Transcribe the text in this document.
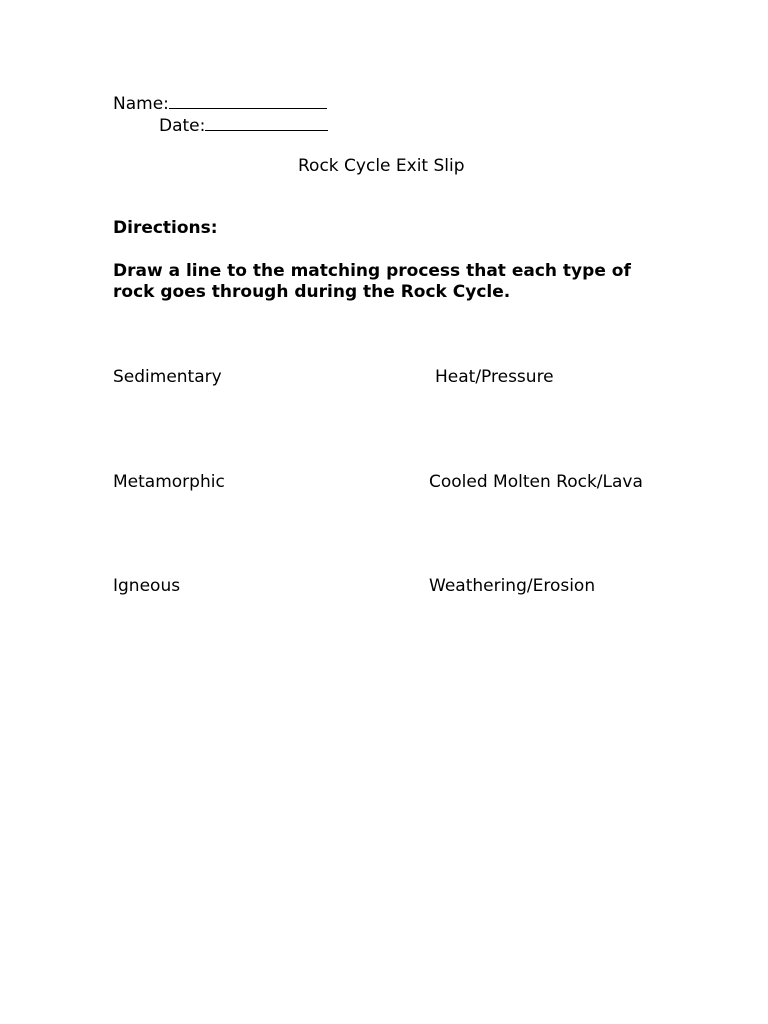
Name:
Date:
Rock Cycle Exit Slip
Directions:
Draw a line to the matching process that each type of
rock goes through during the Rock Cycle.
Sedimentary	Heat/Pressure
Metamorphic	Cooled Molten Rock/Lava
Igneous	Weathering/Erosion
